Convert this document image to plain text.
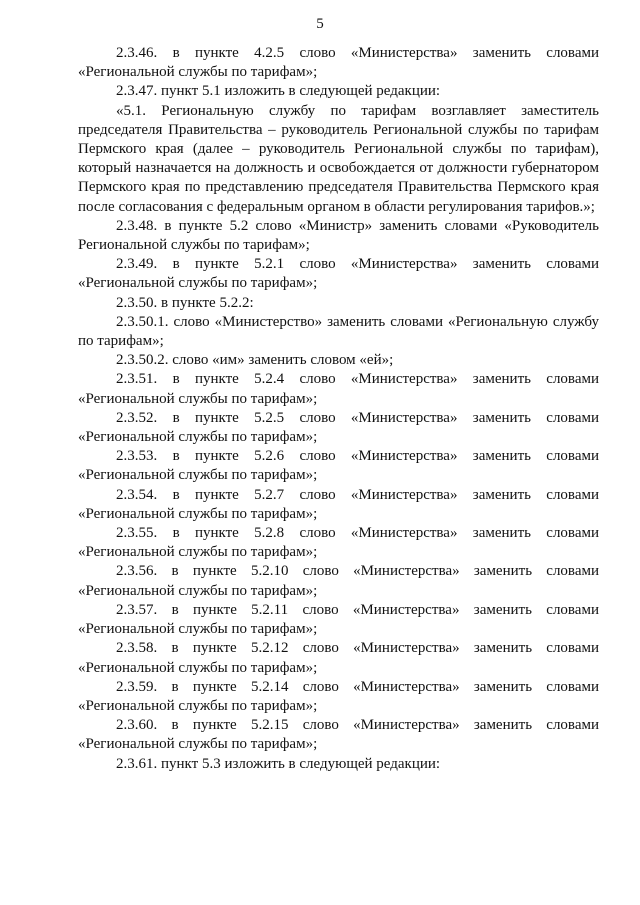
5

2.3.46. в пункте 4.2.5 слово «Министерства» заменить словами «Региональной службы по тарифам»;

2.3.47. пункт 5.1 изложить в следующей редакции:

«5.1. Региональную службу по тарифам возглавляет заместитель председателя Правительства – руководитель Региональной службы по тарифам Пермского края (далее – руководитель Региональной службы по тарифам), который назначается на должность и освобождается от должности губернатором Пермского края по представлению председателя Правительства Пермского края после согласования с федеральным органом в области регулирования тарифов.»;

2.3.48. в пункте 5.2 слово «Министр» заменить словами «Руководитель Региональной службы по тарифам»;

2.3.49. в пункте 5.2.1 слово «Министерства» заменить словами «Региональной службы по тарифам»;

2.3.50. в пункте 5.2.2:

2.3.50.1. слово «Министерство» заменить словами «Региональную службу по тарифам»;

2.3.50.2. слово «им» заменить словом «ей»;

2.3.51. в пункте 5.2.4 слово «Министерства» заменить словами «Региональной службы по тарифам»;

2.3.52. в пункте 5.2.5 слово «Министерства» заменить словами «Региональной службы по тарифам»;

2.3.53. в пункте 5.2.6 слово «Министерства» заменить словами «Региональной службы по тарифам»;

2.3.54. в пункте 5.2.7 слово «Министерства» заменить словами «Региональной службы по тарифам»;

2.3.55. в пункте 5.2.8 слово «Министерства» заменить словами «Региональной службы по тарифам»;

2.3.56. в пункте 5.2.10 слово «Министерства» заменить словами «Региональной службы по тарифам»;

2.3.57. в пункте 5.2.11 слово «Министерства» заменить словами «Региональной службы по тарифам»;

2.3.58. в пункте 5.2.12 слово «Министерства» заменить словами «Региональной службы по тарифам»;

2.3.59. в пункте 5.2.14 слово «Министерства» заменить словами «Региональной службы по тарифам»;

2.3.60. в пункте 5.2.15 слово «Министерства» заменить словами «Региональной службы по тарифам»;

2.3.61. пункт 5.3 изложить в следующей редакции:
